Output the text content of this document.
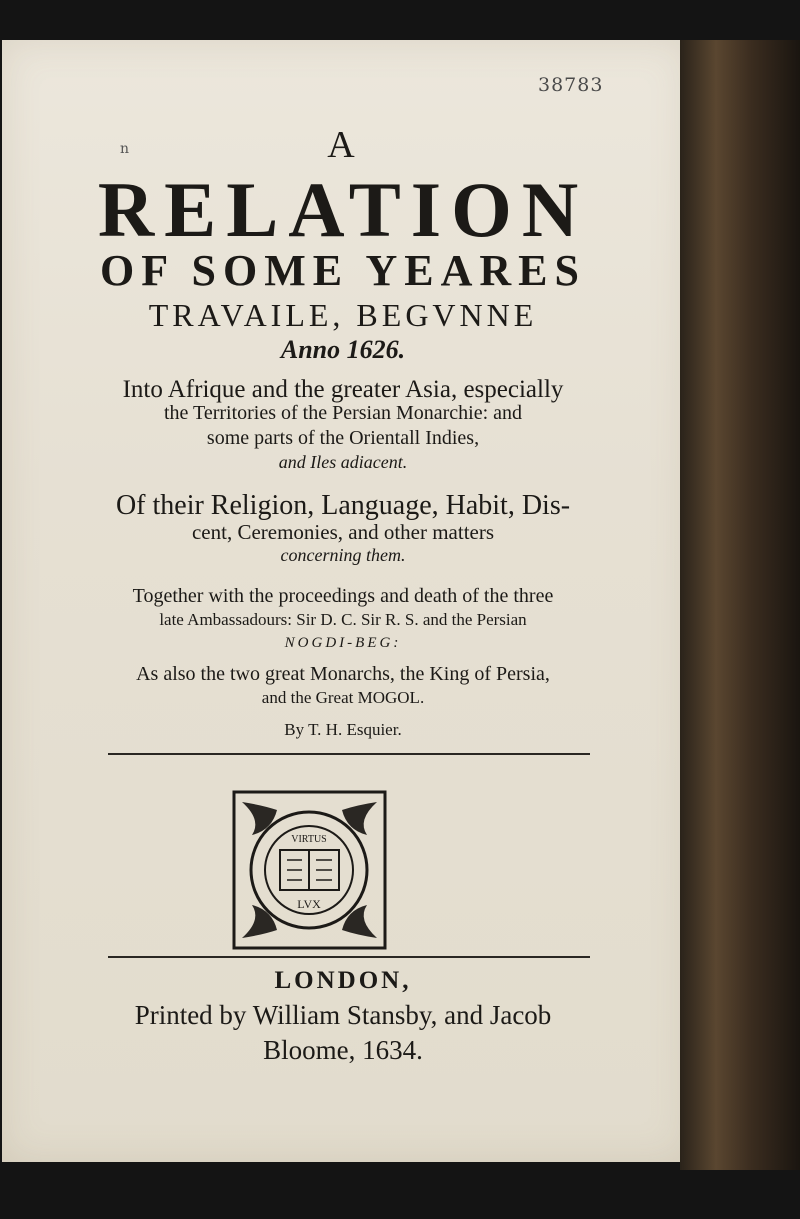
38783
n	A
RELATION
OF SOME YEARES
TRAVAILE, BEGVNNE
Anno 1626.
Into Afrique and the greater Asia, especially
the Territories of the Persian Monarchie: and
some parts of the Orientall Indies,
and Iles adiacent.
Of their Religion, Language, Habit, Dis-
cent, Ceremonies, and other matters
concerning them.
Together with the proceedings and death of the three
late Ambassadours: Sir D. C. Sir R. S. and the Persian
NOGDI-BEG:
As also the two great Monarchs, the King of Persia,
and the Great MOGOL.
By T. H. Esquier.
VIRTUS
LVX
LONDON,
Printed by William Stansby, and Jacob
Bloome, 1634.
